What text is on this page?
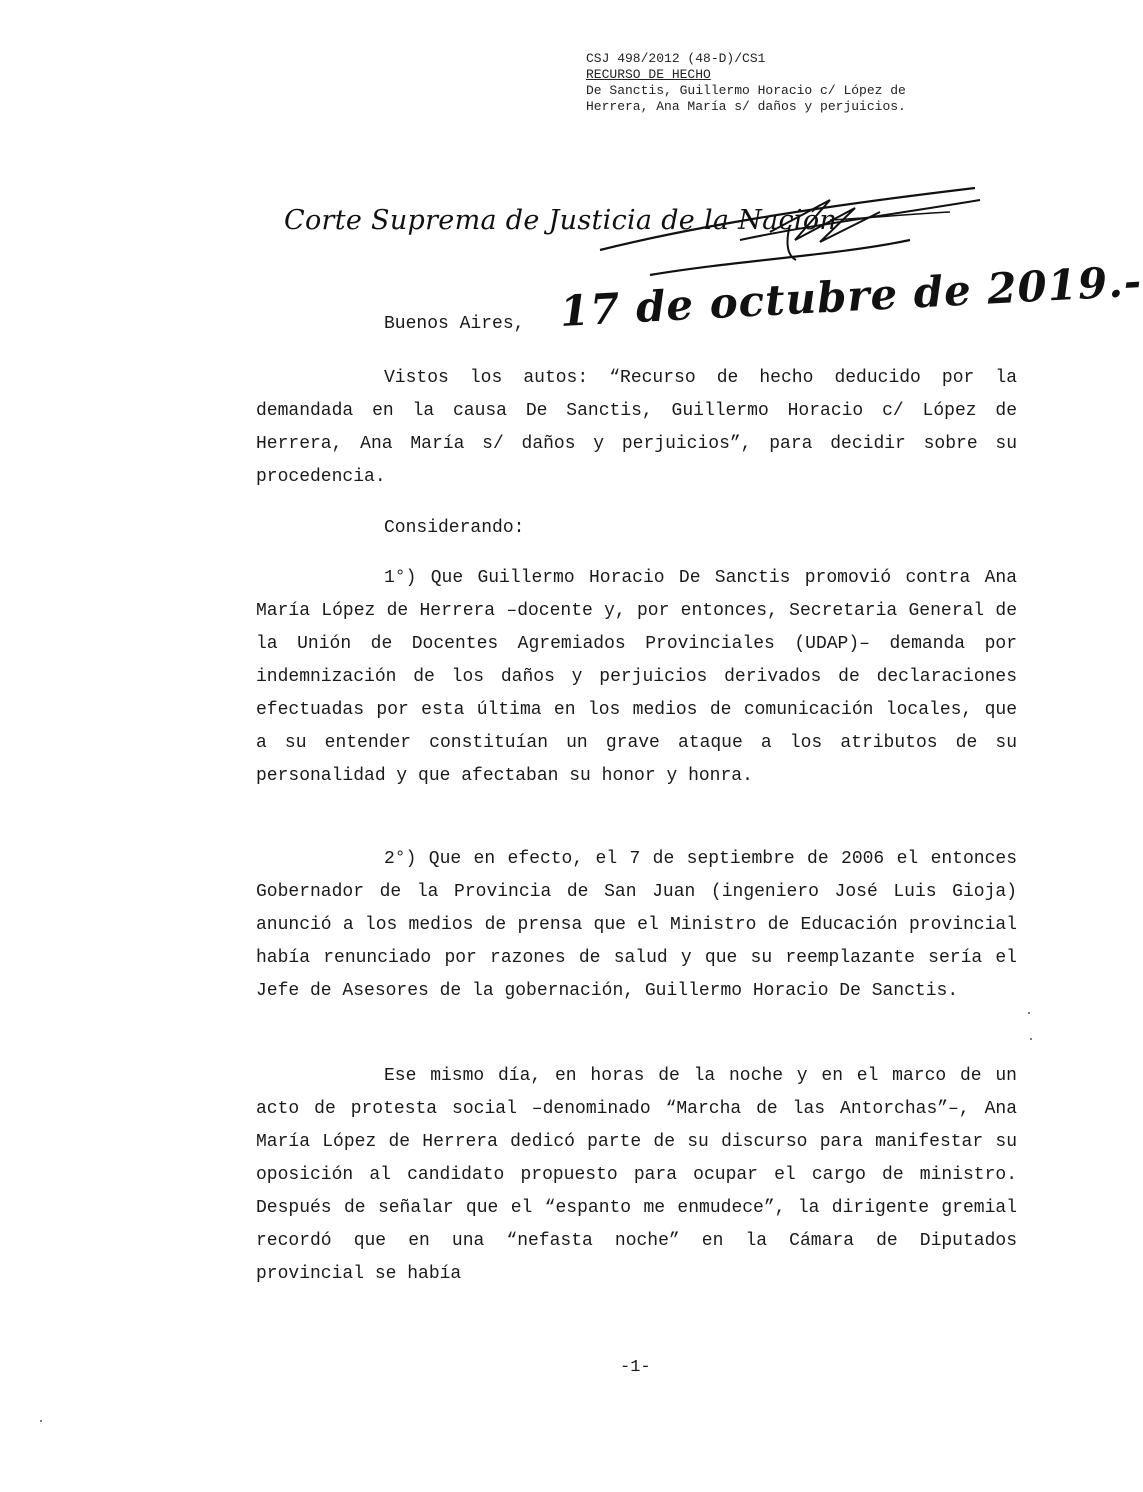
CSJ 498/2012 (48-D)/CS1
RECURSO DE HECHO
De Sanctis, Guillermo Horacio c/ López de
Herrera, Ana María s/ daños y perjuicios.
Corte Suprema de Justicia de la Nación
Buenos Aires, 17 de octubre de 2019.-

Vistos los autos: “Recurso de hecho deducido por la demandada en la causa De Sanctis, Guillermo Horacio c/ López de Herrera, Ana María s/ daños y perjuicios”, para decidir sobre su procedencia.

Considerando:

1°) Que Guillermo Horacio De Sanctis promovió contra Ana María López de Herrera –docente y, por entonces, Secretaria General de la Unión de Docentes Agremiados Provinciales (UDAP)– demanda por indemnización de los daños y perjuicios derivados de declaraciones efectuadas por esta última en los medios de comunicación locales, que a su entender constituían un grave ataque a los atributos de su personalidad y que afectaban su honor y honra.

2°) Que en efecto, el 7 de septiembre de 2006 el entonces Gobernador de la Provincia de San Juan (ingeniero José Luis Gioja) anunció a los medios de prensa que el Ministro de Educación provincial había renunciado por razones de salud y que su reemplazante sería el Jefe de Asesores de la gobernación, Guillermo Horacio De Sanctis.

Ese mismo día, en horas de la noche y en el marco de un acto de protesta social –denominado “Marcha de las Antorchas”–, Ana María López de Herrera dedicó parte de su discurso para manifestar su oposición al candidato propuesto para ocupar el cargo de ministro. Después de señalar que el “espanto me enmudece”, la dirigente gremial recordó que en una “nefasta noche” en la Cámara de Diputados provincial se había

-1-
